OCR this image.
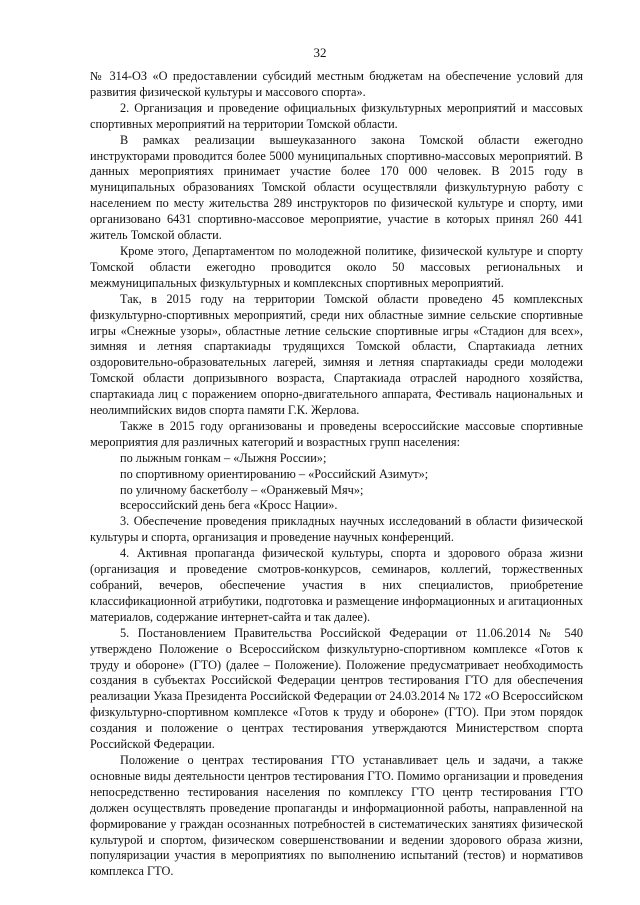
32

№ 314-ОЗ «О предоставлении субсидий местным бюджетам на обеспечение условий для развития физической культуры и массового спорта».

2. Организация и проведение официальных физкультурных мероприятий и массовых спортивных мероприятий на территории Томской области.

В рамках реализации вышеуказанного закона Томской области ежегодно инструкторами проводится более 5000 муниципальных спортивно-массовых мероприятий. В данных мероприятиях принимает участие более 170 000 человек. В 2015 году в муниципальных образованиях Томской области осуществляли физкультурную работу с населением по месту жительства 289 инструкторов по физической культуре и спорту, ими организовано 6431 спортивно-массовое мероприятие, участие в которых принял 260 441 житель Томской области.

Кроме этого, Департаментом по молодежной политике, физической культуре и спорту Томской области ежегодно проводится около 50 массовых региональных и межмуниципальных физкультурных и комплексных спортивных мероприятий.

Так, в 2015 году на территории Томской области проведено 45 комплексных физкультурно-спортивных мероприятий, среди них областные зимние сельские спортивные игры «Снежные узоры», областные летние сельские спортивные игры «Стадион для всех», зимняя и летняя спартакиады трудящихся Томской области, Спартакиада летних оздоровительно-образовательных лагерей, зимняя и летняя спартакиады среди молодежи Томской области допризывного возраста, Спартакиада отраслей народного хозяйства, спартакиада лиц с поражением опорно-двигательного аппарата, Фестиваль национальных и неолимпийских видов спорта памяти Г.К. Жерлова.

Также в 2015 году организованы и проведены всероссийские массовые спортивные мероприятия для различных категорий и возрастных групп населения:

по лыжным гонкам – «Лыжня России»;

по спортивному ориентированию – «Российский Азимут»;

по уличному баскетболу – «Оранжевый Мяч»;

всероссийский день бега «Кросс Нации».

3. Обеспечение проведения прикладных научных исследований в области физической культуры и спорта, организация и проведение научных конференций.

4. Активная пропаганда физической культуры, спорта и здорового образа жизни (организация и проведение смотров-конкурсов, семинаров, коллегий, торжественных собраний, вечеров, обеспечение участия в них специалистов, приобретение классификационной атрибутики, подготовка и размещение информационных и агитационных материалов, содержание интернет-сайта и так далее).

5. Постановлением Правительства Российской Федерации от 11.06.2014 № 540 утверждено Положение о Всероссийском физкультурно-спортивном комплексе «Готов к труду и обороне» (ГТО) (далее – Положение). Положение предусматривает необходимость создания в субъектах Российской Федерации центров тестирования ГТО для обеспечения реализации Указа Президента Российской Федерации от 24.03.2014 № 172 «О Всероссийском физкультурно-спортивном комплексе «Готов к труду и обороне» (ГТО). При этом порядок создания и положение о центрах тестирования утверждаются Министерством спорта Российской Федерации.

Положение о центрах тестирования ГТО устанавливает цель и задачи, а также основные виды деятельности центров тестирования ГТО. Помимо организации и проведения непосредственно тестирования населения по комплексу ГТО центр тестирования ГТО должен осуществлять проведение пропаганды и информационной работы, направленной на формирование у граждан осознанных потребностей в систематических занятиях физической культурой и спортом, физическом совершенствовании и ведении здорового образа жизни, популяризации участия в мероприятиях по выполнению испытаний (тестов) и нормативов комплекса ГТО.
